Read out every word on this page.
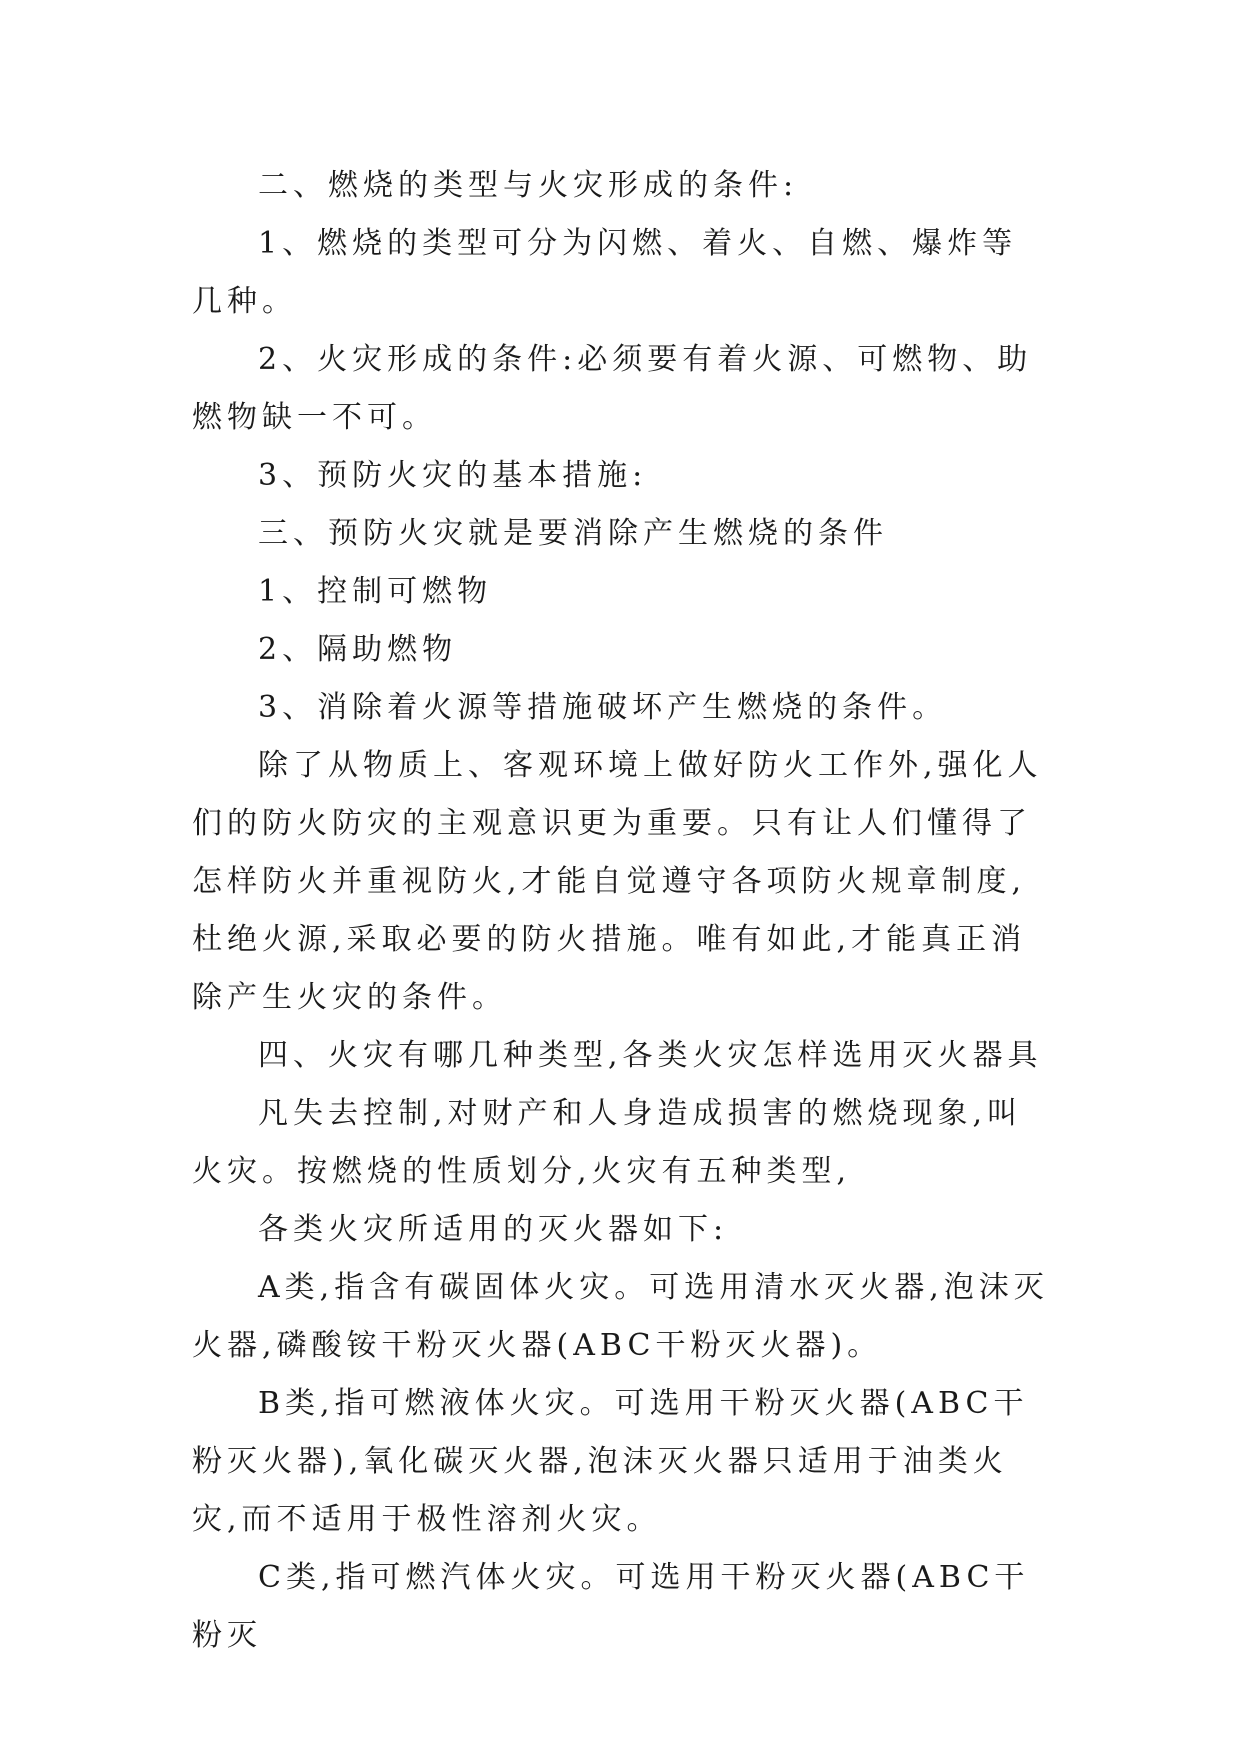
二、燃烧的类型与火灾形成的条件:

1、燃烧的类型可分为闪燃、着火、自燃、爆炸等几种。

2、火灾形成的条件:必须要有着火源、可燃物、助燃物缺一不可。

3、预防火灾的基本措施:

三、预防火灾就是要消除产生燃烧的条件

1、控制可燃物

2、隔助燃物

3、消除着火源等措施破坏产生燃烧的条件。

除了从物质上、客观环境上做好防火工作外,强化人们的防火防灾的主观意识更为重要。只有让人们懂得了怎样防火并重视防火,才能自觉遵守各项防火规章制度,杜绝火源,采取必要的防火措施。唯有如此,才能真正消除产生火灾的条件。

四、火灾有哪几种类型,各类火灾怎样选用灭火器具

凡失去控制,对财产和人身造成损害的燃烧现象,叫火灾。按燃烧的性质划分,火灾有五种类型,

各类火灾所适用的灭火器如下:

A类,指含有碳固体火灾。可选用清水灭火器,泡沫灭火器,磷酸铵干粉灭火器(ABC干粉灭火器)。

B类,指可燃液体火灾。可选用干粉灭火器(ABC干粉灭火器),氧化碳灭火器,泡沫灭火器只适用于油类火灾,而不适用于极性溶剂火灾。

C类,指可燃汽体火灾。可选用干粉灭火器(ABC干粉灭
